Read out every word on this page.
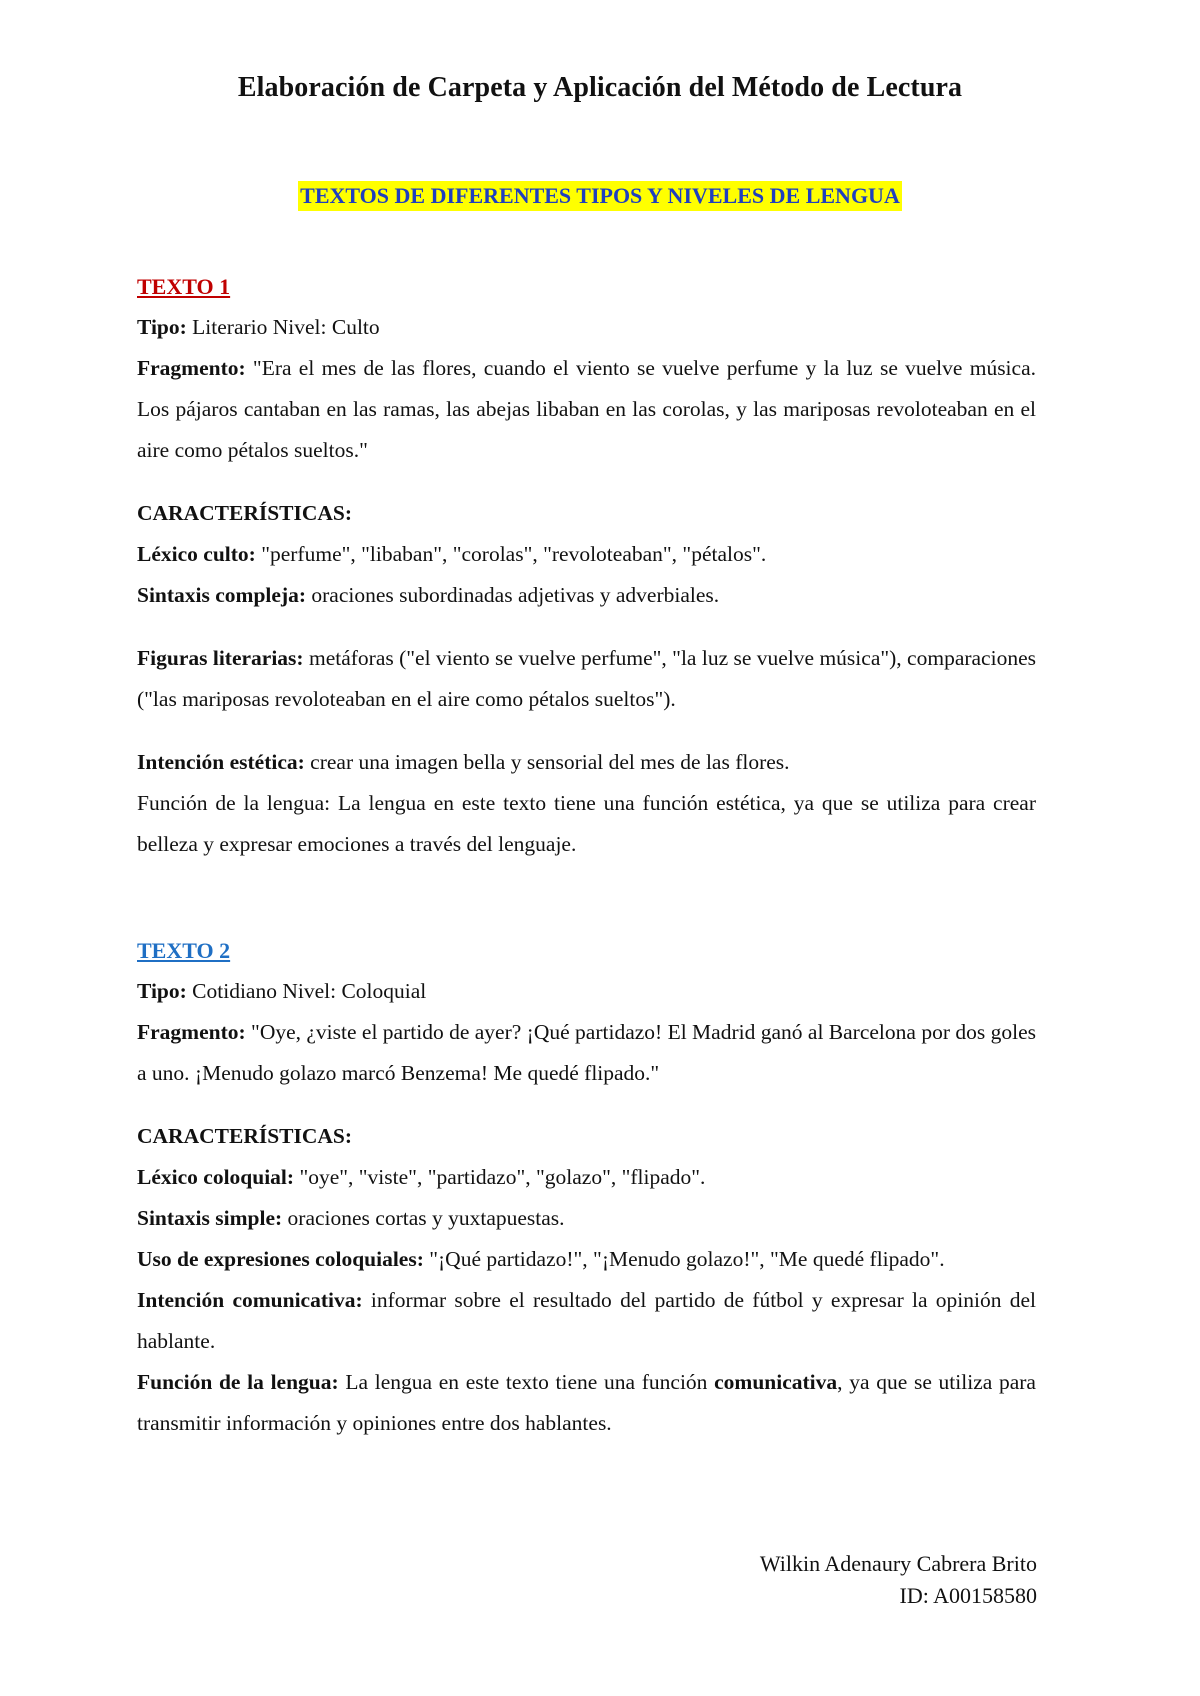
Elaboración de Carpeta y Aplicación del Método de Lectura
TEXTOS DE DIFERENTES TIPOS Y NIVELES DE LENGUA
TEXTO 1
Tipo: Literario Nivel: Culto
Fragmento: "Era el mes de las flores, cuando el viento se vuelve perfume y la luz se vuelve música. Los pájaros cantaban en las ramas, las abejas libaban en las corolas, y las mariposas revoloteaban en el aire como pétalos sueltos."
CARACTERÍSTICAS:
Léxico culto: "perfume", "libaban", "corolas", "revoloteaban", "pétalos".
Sintaxis compleja: oraciones subordinadas adjetivas y adverbiales.
Figuras literarias: metáforas ("el viento se vuelve perfume", "la luz se vuelve música"), comparaciones ("las mariposas revoloteaban en el aire como pétalos sueltos").
Intención estética: crear una imagen bella y sensorial del mes de las flores.
Función de la lengua: La lengua en este texto tiene una función estética, ya que se utiliza para crear belleza y expresar emociones a través del lenguaje.
TEXTO 2
Tipo: Cotidiano Nivel: Coloquial
Fragmento: "Oye, ¿viste el partido de ayer? ¡Qué partidazo! El Madrid ganó al Barcelona por dos goles a uno. ¡Menudo golazo marcó Benzema! Me quedé flipado."
CARACTERÍSTICAS:
Léxico coloquial: "oye", "viste", "partidazo", "golazo", "flipado".
Sintaxis simple: oraciones cortas y yuxtapuestas.
Uso de expresiones coloquiales: "¡Qué partidazo!", "¡Menudo golazo!", "Me quedé flipado".
Intención comunicativa: informar sobre el resultado del partido de fútbol y expresar la opinión del hablante.
Función de la lengua: La lengua en este texto tiene una función comunicativa, ya que se utiliza para transmitir información y opiniones entre dos hablantes.
Wilkin Adenaury Cabrera Brito
ID: A00158580
